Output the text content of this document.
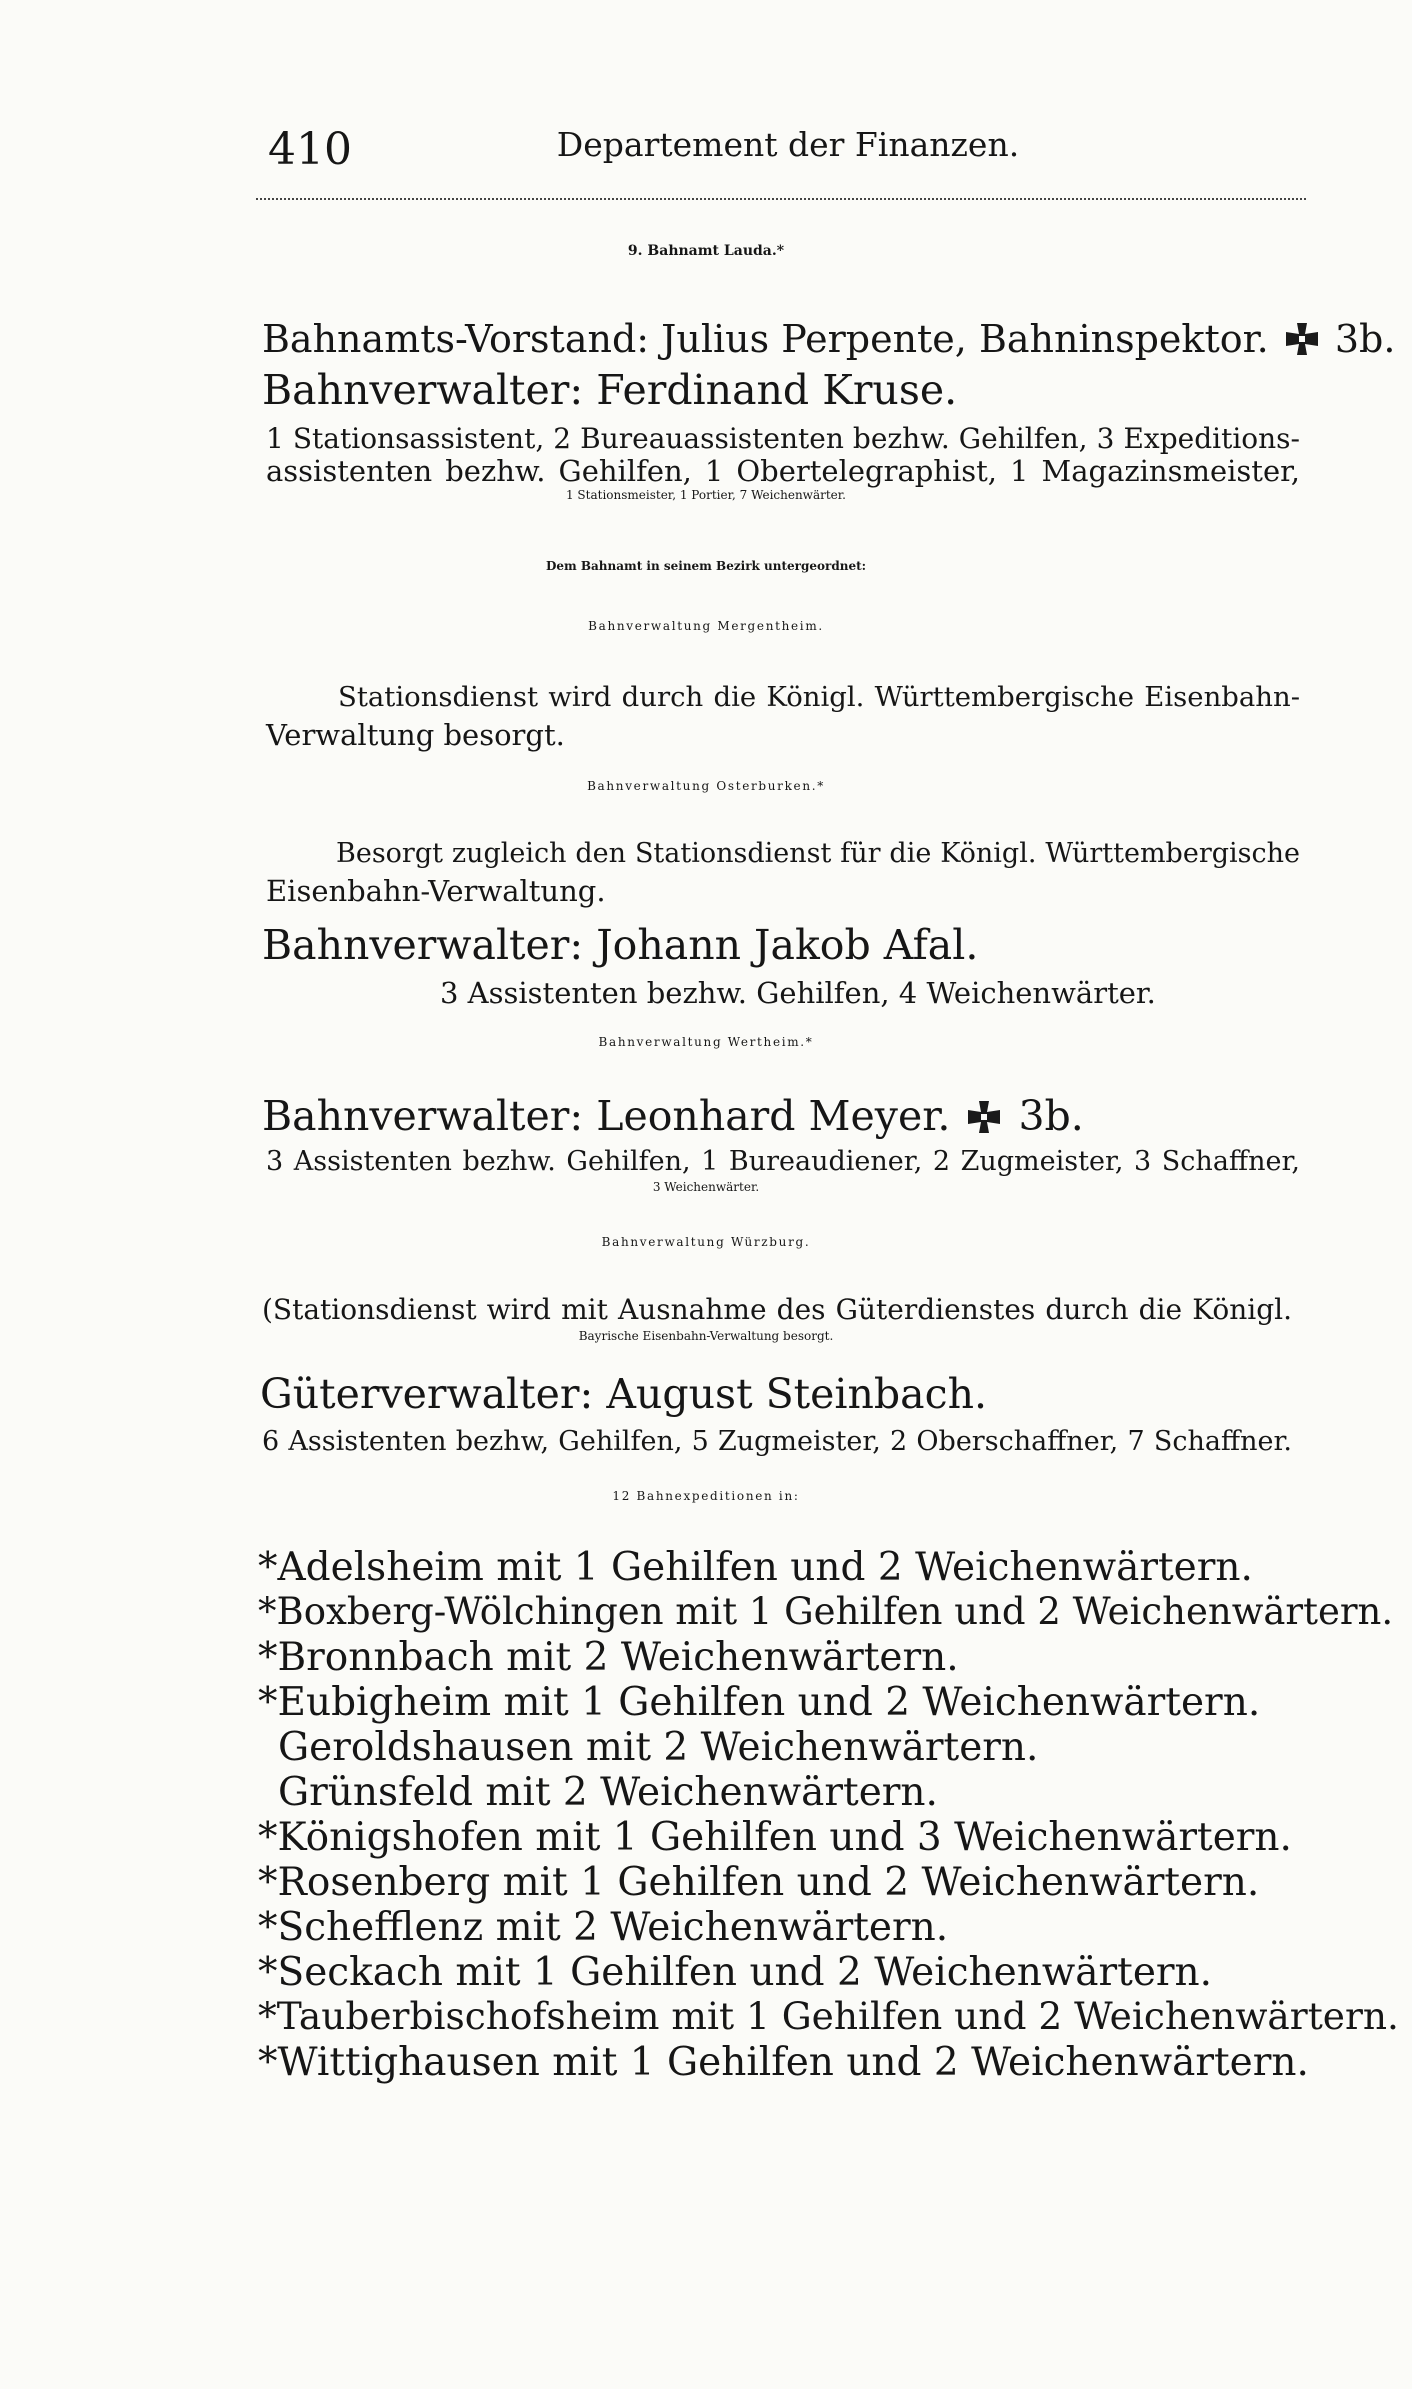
410	Departement der Finanzen.
9. Bahnamt Lauda.*
Bahnamts-Vorstand: Julius Perpente, Bahninspektor. 3b.
Bahnverwalter: Ferdinand Kruse.
1 Stationsassistent, 2 Bureauassistenten bezhw. Gehilfen, 3 Expeditions-
assistenten bezhw. Gehilfen, 1 Obertelegraphist, 1 Magazinsmeister,
1 Stationsmeister, 1 Portier, 7 Weichenwärter.
Dem Bahnamt in seinem Bezirk untergeordnet:
Bahnverwaltung Mergentheim.
Stationsdienst wird durch die Königl. Württembergische Eisenbahn-
Verwaltung besorgt.
Bahnverwaltung Osterburken.*
Besorgt zugleich den Stationsdienst für die Königl. Württembergische
Eisenbahn-Verwaltung.
Bahnverwalter: Johann Jakob Afal.
3 Assistenten bezhw. Gehilfen, 4 Weichenwärter.
Bahnverwaltung Wertheim.*
Bahnverwalter: Leonhard Meyer. 3b.
3 Assistenten bezhw. Gehilfen, 1 Bureaudiener, 2 Zugmeister, 3 Schaffner,
3 Weichenwärter.
Bahnverwaltung Würzburg.
(Stationsdienst wird mit Ausnahme des Güterdienstes durch die Königl.
Bayrische Eisenbahn-Verwaltung besorgt.
Güterverwalter: August Steinbach.
6 Assistenten bezhw, Gehilfen, 5 Zugmeister, 2 Oberschaffner, 7 Schaffner.
12 Bahnexpeditionen in:
*Adelsheim mit 1 Gehilfen und 2 Weichenwärtern.
*Boxberg-Wölchingen mit 1 Gehilfen und 2 Weichenwärtern.
*Bronnbach mit 2 Weichenwärtern.
*Eubigheim mit 1 Gehilfen und 2 Weichenwärtern.
Geroldshausen mit 2 Weichenwärtern.
Grünsfeld mit 2 Weichenwärtern.
*Königshofen mit 1 Gehilfen und 3 Weichenwärtern.
*Rosenberg mit 1 Gehilfen und 2 Weichenwärtern.
*Schefflenz mit 2 Weichenwärtern.
*Seckach mit 1 Gehilfen und 2 Weichenwärtern.
*Tauberbischofsheim mit 1 Gehilfen und 2 Weichenwärtern.
*Wittighausen mit 1 Gehilfen und 2 Weichenwärtern.
